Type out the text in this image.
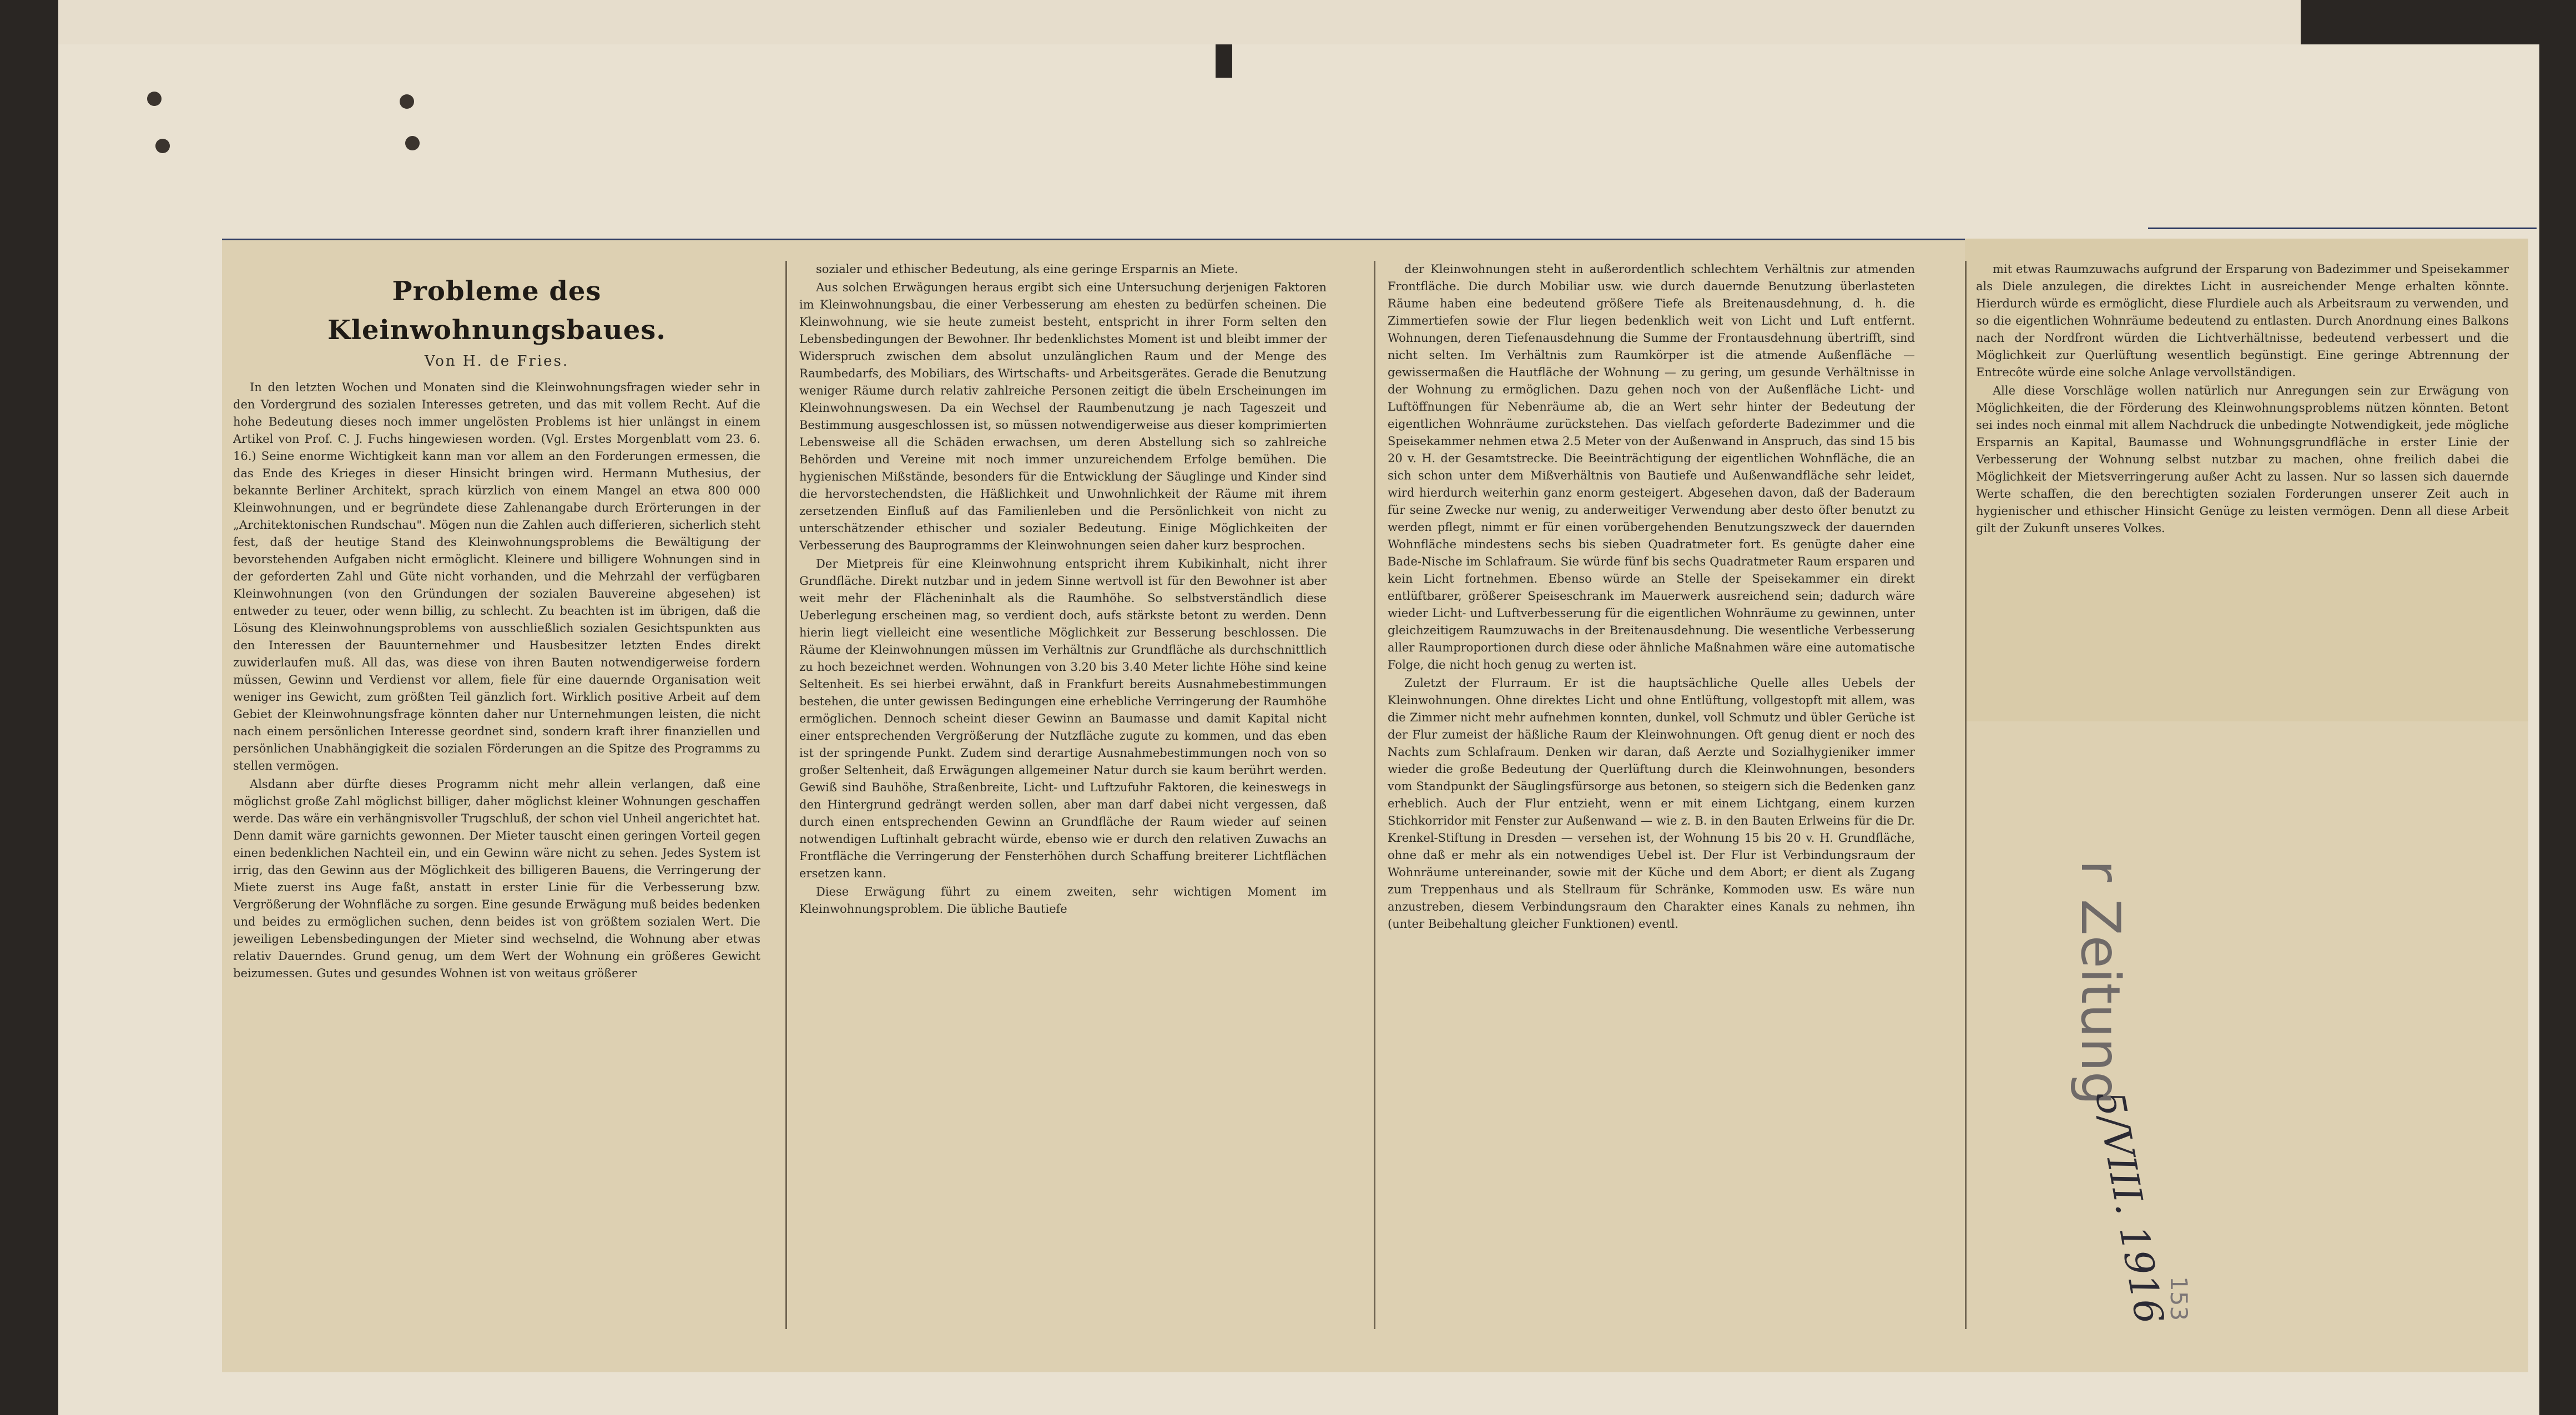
Probleme des Kleinwohnungsbaues.
Von H. de Fries.

In den letzten Wochen und Monaten sind die Kleinwohnungsfragen wieder sehr in den Vordergrund des sozialen Interesses getreten, und das mit vollem Recht. Auf die hohe Bedeutung dieses noch immer ungelösten Problems ist hier unlängst in einem Artikel von Prof. C. J. Fuchs hingewiesen worden. (Vgl. Erstes Morgenblatt vom 23. 6. 16.) Seine enorme Wichtigkeit kann man vor allem an den Forderungen ermessen, die das Ende des Krieges in dieser Hinsicht bringen wird. Hermann Muthesius, der bekannte Berliner Architekt, sprach kürzlich von einem Mangel an etwa 800 000 Kleinwohnungen, und er begründete diese Zahlenangabe durch Erörterungen in der „Architektonischen Rundschau". Mögen nun die Zahlen auch differieren, sicherlich steht fest, daß der heutige Stand des Kleinwohnungsproblems die Bewältigung der bevorstehenden Aufgaben nicht ermöglicht. Kleinere und billigere Wohnungen sind in der geforderten Zahl und Güte nicht vorhanden, und die Mehrzahl der verfügbaren Kleinwohnungen (von den Gründungen der sozialen Bauvereine abgesehen) ist entweder zu teuer, oder wenn billig, zu schlecht. Zu beachten ist im übrigen, daß die Lösung des Kleinwohnungsproblems von ausschließlich sozialen Gesichtspunkten aus den Interessen der Bauunternehmer und Hausbesitzer letzten Endes direkt zuwiderlaufen muß. All das, was diese von ihren Bauten notwendigerweise fordern müssen, Gewinn und Verdienst vor allem, fiele für eine dauernde Organisation weit weniger ins Gewicht, zum größten Teil gänzlich fort. Wirklich positive Arbeit auf dem Gebiet der Kleinwohnungsfrage könnten daher nur Unternehmungen leisten, die nicht nach einem persönlichen Interesse geordnet sind, sondern kraft ihrer finanziellen und persönlichen Unabhängigkeit die sozialen Förderungen an die Spitze des Programms zu stellen vermögen.

Alsdann aber dürfte dieses Programm nicht mehr allein verlangen, daß eine möglichst große Zahl möglichst billiger, daher möglichst kleiner Wohnungen geschaffen werde. Das wäre ein verhängnisvoller Trugschluß, der schon viel Unheil angerichtet hat. Denn damit wäre garnichts gewonnen. Der Mieter tauscht einen geringen Vorteil gegen einen bedenklichen Nachteil ein, und ein Gewinn wäre nicht zu sehen. Jedes System ist irrig, das den Gewinn aus der Möglichkeit des billigeren Bauens, die Verringerung der Miete zuerst ins Auge faßt, anstatt in erster Linie für die Verbesserung bzw. Vergrößerung der Wohnfläche zu sorgen. Eine gesunde Erwägung muß beides bedenken und beides zu ermöglichen suchen, denn beides ist von größtem sozialen Wert. Die jeweiligen Lebensbedingungen der Mieter sind wechselnd, die Wohnung aber etwas relativ Dauerndes. Grund genug, um dem Wert der Wohnung ein größeres Gewicht beizumessen. Gutes und gesundes Wohnen ist von weitaus größerer

sozialer und ethischer Bedeutung, als eine geringe Ersparnis an Miete.

Aus solchen Erwägungen heraus ergibt sich eine Untersuchung derjenigen Faktoren im Kleinwohnungsbau, die einer Verbesserung am ehesten zu bedürfen scheinen. Die Kleinwohnung, wie sie heute zumeist besteht, entspricht in ihrer Form selten den Lebensbedingungen der Bewohner. Ihr bedenklichstes Moment ist und bleibt immer der Widerspruch zwischen dem absolut unzulänglichen Raum und der Menge des Raumbedarfs, des Mobiliars, des Wirtschafts- und Arbeitsgerätes. Gerade die Benutzung weniger Räume durch relativ zahlreiche Personen zeitigt die übeln Erscheinungen im Kleinwohnungswesen. Da ein Wechsel der Raumbenutzung je nach Tageszeit und Bestimmung ausgeschlossen ist, so müssen notwendigerweise aus dieser komprimierten Lebensweise all die Schäden erwachsen, um deren Abstellung sich so zahlreiche Behörden und Vereine mit noch immer unzureichendem Erfolge bemühen. Die hygienischen Mißstände, besonders für die Entwicklung der Säuglinge und Kinder sind die hervorstechendsten, die Häßlichkeit und Unwohnlichkeit der Räume mit ihrem zersetzenden Einfluß auf das Familienleben und die Persönlichkeit von nicht zu unterschätzender ethischer und sozialer Bedeutung. Einige Möglichkeiten der Verbesserung des Bauprogramms der Kleinwohnungen seien daher kurz besprochen.

Der Mietpreis für eine Kleinwohnung entspricht ihrem Kubikinhalt, nicht ihrer Grundfläche. Direkt nutzbar und in jedem Sinne wertvoll ist für den Bewohner ist aber weit mehr der Flächeninhalt als die Raumhöhe. So selbstverständlich diese Ueberlegung erscheinen mag, so verdient doch, aufs stärkste betont zu werden. Denn hierin liegt vielleicht eine wesentliche Möglichkeit zur Besserung beschlossen. Die Räume der Kleinwohnungen müssen im Verhältnis zur Grundfläche als durchschnittlich zu hoch bezeichnet werden. Wohnungen von 3.20 bis 3.40 Meter lichte Höhe sind keine Seltenheit. Es sei hierbei erwähnt, daß in Frankfurt bereits Ausnahmebestimmungen bestehen, die unter gewissen Bedingungen eine erhebliche Verringerung der Raumhöhe ermöglichen. Dennoch scheint dieser Gewinn an Baumasse und damit Kapital nicht einer entsprechenden Vergrößerung der Nutzfläche zugute zu kommen, und das eben ist der springende Punkt. Zudem sind derartige Ausnahmebestimmungen noch von so großer Seltenheit, daß Erwägungen allgemeiner Natur durch sie kaum berührt werden. Gewiß sind Bauhöhe, Straßenbreite, Licht- und Luftzufuhr Faktoren, die keineswegs in den Hintergrund gedrängt werden sollen, aber man darf dabei nicht vergessen, daß durch einen entsprechenden Gewinn an Grundfläche der Raum wieder auf seinen notwendigen Luftinhalt gebracht würde, ebenso wie er durch den relativen Zuwachs an Frontfläche die Verringerung der Fensterhöhen durch Schaffung breiterer Lichtflächen ersetzen kann.

Diese Erwägung führt zu einem zweiten, sehr wichtigen Moment im Kleinwohnungsproblem. Die übliche Bautiefe

der Kleinwohnungen steht in außerordentlich schlechtem Verhältnis zur atmenden Frontfläche. Die durch Mobiliar usw. wie durch dauernde Benutzung überlasteten Räume haben eine bedeutend größere Tiefe als Breitenausdehnung, d. h. die Zimmertiefen sowie der Flur liegen bedenklich weit von Licht und Luft entfernt. Wohnungen, deren Tiefenausdehnung die Summe der Frontausdehnung übertrifft, sind nicht selten. Im Verhältnis zum Raumkörper ist die atmende Außenfläche — gewissermaßen die Hautfläche der Wohnung — zu gering, um gesunde Verhältnisse in der Wohnung zu ermöglichen. Dazu gehen noch von der Außenfläche Licht- und Luftöffnungen für Nebenräume ab, die an Wert sehr hinter der Bedeutung der eigentlichen Wohnräume zurückstehen. Das vielfach geforderte Badezimmer und die Speisekammer nehmen etwa 2.5 Meter von der Außenwand in Anspruch, das sind 15 bis 20 v. H. der Gesamtstrecke. Die Beeinträchtigung der eigentlichen Wohnfläche, die an sich schon unter dem Mißverhältnis von Bautiefe und Außenwandfläche sehr leidet, wird hierdurch weiterhin ganz enorm gesteigert. Abgesehen davon, daß der Baderaum für seine Zwecke nur wenig, zu anderweitiger Verwendung aber desto öfter benutzt zu werden pflegt, nimmt er für einen vorübergehenden Benutzungszweck der dauernden Wohnfläche mindestens sechs bis sieben Quadratmeter fort. Es genügte daher eine Bade-Nische im Schlafraum. Sie würde fünf bis sechs Quadratmeter Raum ersparen und kein Licht fortnehmen. Ebenso würde an Stelle der Speisekammer ein direkt entlüftbarer, größerer Speiseschrank im Mauerwerk ausreichend sein; dadurch wäre wieder Licht- und Luftverbesserung für die eigentlichen Wohnräume zu gewinnen, unter gleichzeitigem Raumzuwachs in der Breitenausdehnung. Die wesentliche Verbesserung aller Raumproportionen durch diese oder ähnliche Maßnahmen wäre eine automatische Folge, die nicht hoch genug zu werten ist.

Zuletzt der Flurraum. Er ist die hauptsächliche Quelle alles Uebels der Kleinwohnungen. Ohne direktes Licht und ohne Entlüftung, vollgestopft mit allem, was die Zimmer nicht mehr aufnehmen konnten, dunkel, voll Schmutz und übler Gerüche ist der Flur zumeist der häßliche Raum der Kleinwohnungen. Oft genug dient er noch des Nachts zum Schlafraum. Denken wir daran, daß Aerzte und Sozialhygieniker immer wieder die große Bedeutung der Querlüftung durch die Kleinwohnungen, besonders vom Standpunkt der Säuglingsfürsorge aus betonen, so steigern sich die Bedenken ganz erheblich. Auch der Flur entzieht, wenn er mit einem Lichtgang, einem kurzen Stichkorridor mit Fenster zur Außenwand — wie z. B. in den Bauten Erlweins für die Dr. Krenkel-Stiftung in Dresden — versehen ist, der Wohnung 15 bis 20 v. H. Grundfläche, ohne daß er mehr als ein notwendiges Uebel ist. Der Flur ist Verbindungsraum der Wohnräume untereinander, sowie mit der Küche und dem Abort; er dient als Zugang zum Treppenhaus und als Stellraum für Schränke, Kommoden usw. Es wäre nun anzustreben, diesem Verbindungsraum den Charakter eines Kanals zu nehmen, ihn (unter Beibehaltung gleicher Funktionen) eventl.

mit etwas Raumzuwachs aufgrund der Ersparung von Badezimmer und Speisekammer als Diele anzulegen, die direktes Licht in ausreichender Menge erhalten könnte. Hierdurch würde es ermöglicht, diese Flurdiele auch als Arbeitsraum zu verwenden, und so die eigentlichen Wohnräume bedeutend zu entlasten. Durch Anordnung eines Balkons nach der Nordfront würden die Lichtverhältnisse, bedeutend verbessert und die Möglichkeit zur Querlüftung wesentlich begünstigt. Eine geringe Abtrennung der Entrecôte würde eine solche Anlage vervollständigen.

Alle diese Vorschläge wollen natürlich nur Anregungen sein zur Erwägung von Möglichkeiten, die der Förderung des Kleinwohnungsproblems nützen könnten. Betont sei indes noch einmal mit allem Nachdruck die unbedingte Notwendigkeit, jede mögliche Ersparnis an Kapital, Baumasse und Wohnungsgrundfläche in erster Linie der Verbesserung der Wohnung selbst nutzbar zu machen, ohne freilich dabei die Möglichkeit der Mietsverringerung außer Acht zu lassen. Nur so lassen sich dauernde Werte schaffen, die den berechtigten sozialen Forderungen unserer Zeit auch in hygienischer und ethischer Hinsicht Genüge zu leisten vermögen. Denn all diese Arbeit gilt der Zukunft unseres Volkes.

r Zeitung
5/VIII. 1916
153
